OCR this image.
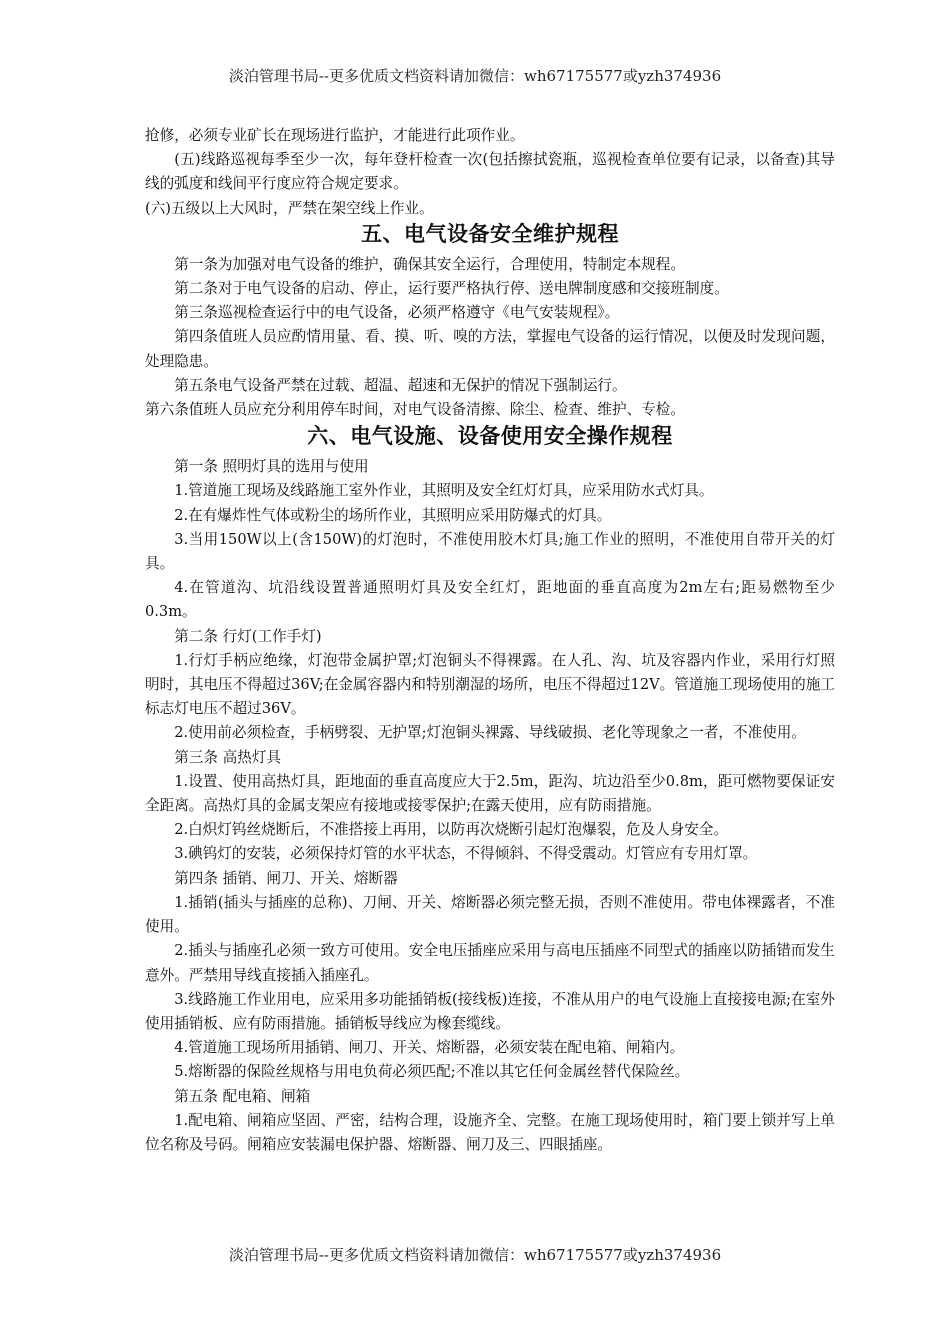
淡泊管理书局--更多优质文档资料请加微信：wh67175577或yzh374936

抢修，必须专业矿长在现场进行监护，才能进行此项作业。

(五)线路巡视每季至少一次，每年登杆检查一次(包括擦拭瓷瓶，巡视检查单位要有记录，以备查)其导线的弧度和线间平行度应符合规定要求。

(六)五级以上大风时，严禁在架空线上作业。

五、电气设备安全维护规程

第一条为加强对电气设备的维护，确保其安全运行，合理使用，特制定本规程。

第二条对于电气设备的启动、停止，运行要严格执行停、送电牌制度感和交接班制度。

第三条巡视检查运行中的电气设备，必须严格遵守《电气安装规程》。

第四条值班人员应酌情用量、看、摸、听、嗅的方法，掌握电气设备的运行情况，以便及时发现问题，处理隐患。

第五条电气设备严禁在过载、超温、超速和无保护的情况下强制运行。

第六条值班人员应充分利用停车时间，对电气设备清擦、除尘、检查、维护、专检。

六、电气设施、设备使用安全操作规程

第一条 照明灯具的选用与使用

1.管道施工现场及线路施工室外作业，其照明及安全红灯灯具，应采用防水式灯具。

2.在有爆炸性气体或粉尘的场所作业，其照明应采用防爆式的灯具。

3.当用150W以上(含150W)的灯泡时，不准使用胶木灯具;施工作业的照明，不准使用自带开关的灯具。

4.在管道沟、坑沿线设置普通照明灯具及安全红灯，距地面的垂直高度为2m左右;距易燃物至少0.3m。

第二条 行灯(工作手灯)

1.行灯手柄应绝缘，灯泡带金属护罩;灯泡铜头不得裸露。在人孔、沟、坑及容器内作业，采用行灯照明时，其电压不得超过36V;在金属容器内和特别潮湿的场所，电压不得超过12V。管道施工现场使用的施工标志灯电压不超过36V。

2.使用前必须检查，手柄劈裂、无护罩;灯泡铜头裸露、导线破损、老化等现象之一者，不准使用。

第三条 高热灯具

1.设置、使用高热灯具，距地面的垂直高度应大于2.5m，距沟、坑边沿至少0.8m，距可燃物要保证安全距离。高热灯具的金属支架应有接地或接零保护;在露天使用，应有防雨措施。

2.白炽灯钨丝烧断后，不准搭接上再用，以防再次烧断引起灯泡爆裂，危及人身安全。

3.碘钨灯的安装，必须保持灯管的水平状态，不得倾斜、不得受震动。灯管应有专用灯罩。

第四条 插销、闸刀、开关、熔断器

1.插销(插头与插座的总称)、刀闸、开关、熔断器必须完整无损，否则不准使用。带电体裸露者，不准使用。

2.插头与插座孔必须一致方可使用。安全电压插座应采用与高电压插座不同型式的插座以防插错而发生意外。严禁用导线直接插入插座孔。

3.线路施工作业用电，应采用多功能插销板(接线板)连接，不准从用户的电气设施上直接接电源;在室外使用插销板、应有防雨措施。插销板导线应为橡套缆线。

4.管道施工现场所用插销、闸刀、开关、熔断器，必须安装在配电箱、闸箱内。

5.熔断器的保险丝规格与用电负荷必须匹配;不准以其它任何金属丝替代保险丝。

第五条 配电箱、闸箱

1.配电箱、闸箱应坚固、严密，结构合理，设施齐全、完整。在施工现场使用时，箱门要上锁并写上单位名称及号码。闸箱应安装漏电保护器、熔断器、闸刀及三、四眼插座。

淡泊管理书局--更多优质文档资料请加微信：wh67175577或yzh374936
